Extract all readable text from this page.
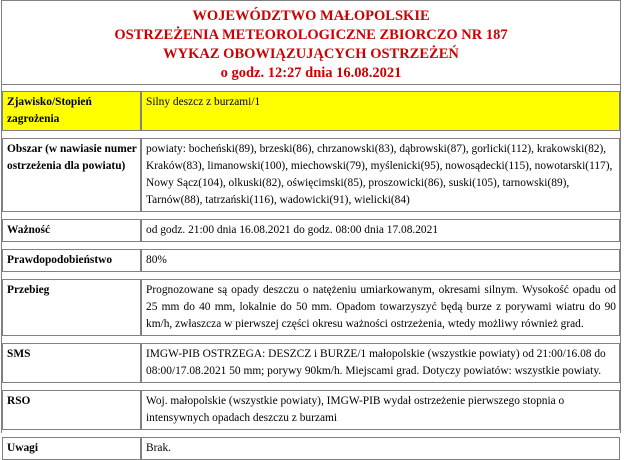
WOJEWÓDZTWO MAŁOPOLSKIE
OSTRZEŻENIA METEOROLOGICZNE ZBIORCZO NR 187
WYKAZ OBOWIĄZUJĄCYCH OSTRZEŻEŃ
o godz. 12:27 dnia 16.08.2021
Zjawisko/Stopień zagrożenia	Silny deszcz z burzami/1

Obszar (w nawiasie numer ostrzeżenia dla powiatu)	powiaty: bocheński(89), brzeski(86), chrzanowski(83), dąbrowski(87), gorlicki(112), krakowski(82), Kraków(83), limanowski(100), miechowski(79), myślenicki(95), nowosądecki(115), nowotarski(117), Nowy Sącz(104), olkuski(82), oświęcimski(85), proszowicki(86), suski(105), tarnowski(89), Tarnów(88), tatrzański(116), wadowicki(91), wielicki(84)

Ważność	od godz. 21:00 dnia 16.08.2021 do godz. 08:00 dnia 17.08.2021

Prawdopodobieństwo	80%

Przebieg	Prognozowane są opady deszczu o natężeniu umiarkowanym, okresami silnym. Wysokość opadu od 25 mm do 40 mm, lokalnie do 50 mm. Opadom towarzyszyć będą burze z porywami wiatru do 90 km/h, zwłaszcza w pierwszej części okresu ważności ostrzeżenia, wtedy możliwy również grad.

SMS	IMGW-PIB OSTRZEGA: DESZCZ i BURZE/1 małopolskie (wszystkie powiaty) od 21:00/16.08 do 08:00/17.08.2021 50 mm; porywy 90km/h. Miejscami grad. Dotyczy powiatów: wszystkie powiaty.

RSO	Woj. małopolskie (wszystkie powiaty), IMGW-PIB wydał ostrzeżenie pierwszego stopnia o intensywnych opadach deszczu z burzami

Uwagi	Brak.
